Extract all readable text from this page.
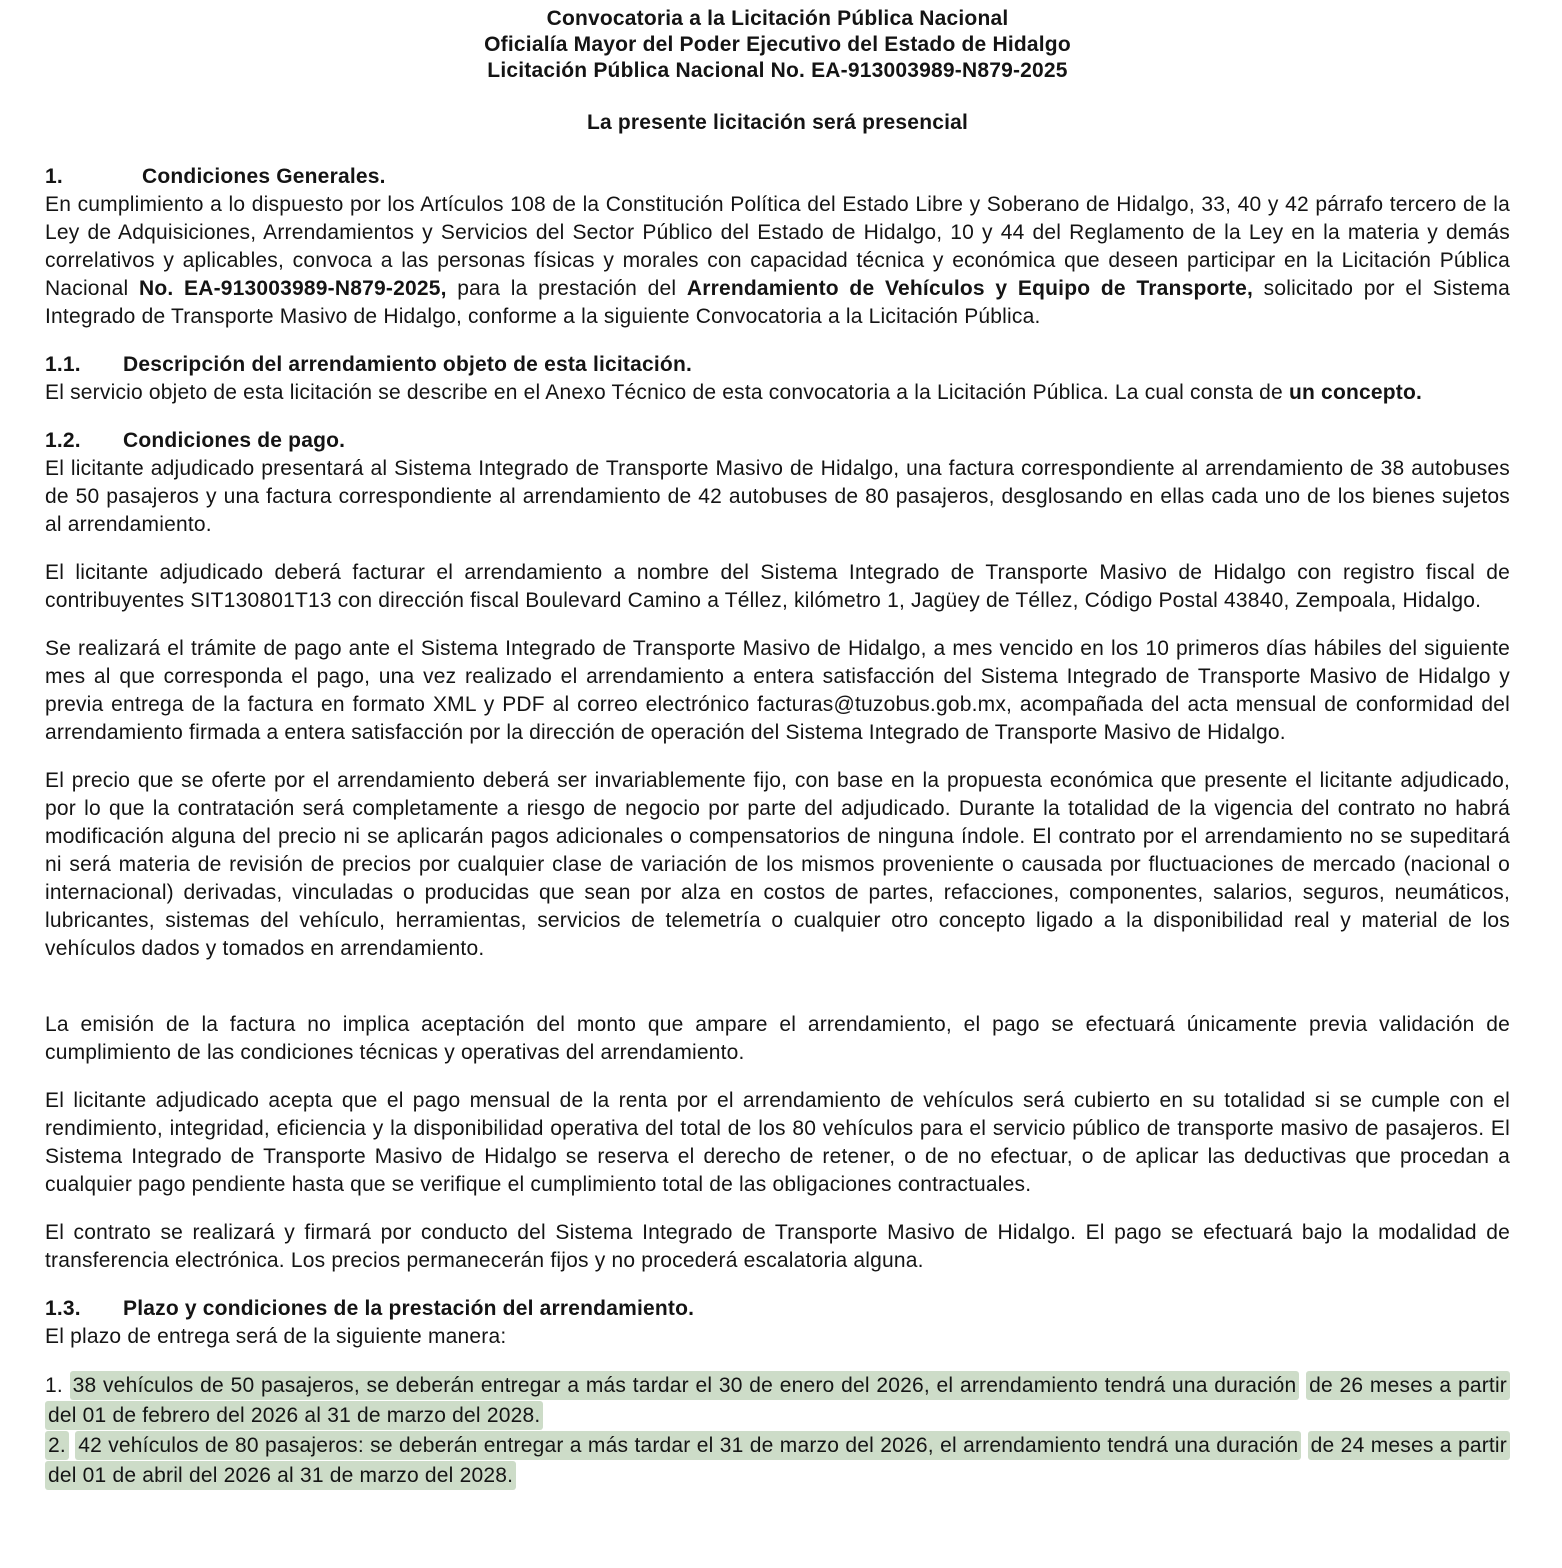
Convocatoria a la Licitación Pública Nacional
Oficialía Mayor del Poder Ejecutivo del Estado de Hidalgo
Licitación Pública Nacional No. EA-913003989-N879-2025
La presente licitación será presencial
1.	Condiciones Generales.

En cumplimiento a lo dispuesto por los Artículos 108 de la Constitución Política del Estado Libre y Soberano de Hidalgo, 33, 40 y 42 párrafo tercero de la Ley de Adquisiciones, Arrendamientos y Servicios del Sector Público del Estado de Hidalgo, 10 y 44 del Reglamento de la Ley en la materia y demás correlativos y aplicables, convoca a las personas físicas y morales con capacidad técnica y económica que deseen participar en la Licitación Pública Nacional No. EA-913003989-N879-2025, para la prestación del Arrendamiento de Vehículos y Equipo de Transporte, solicitado por el Sistema Integrado de Transporte Masivo de Hidalgo, conforme a la siguiente Convocatoria a la Licitación Pública.

1.1.	Descripción del arrendamiento objeto de esta licitación.

El servicio objeto de esta licitación se describe en el Anexo Técnico de esta convocatoria a la Licitación Pública. La cual consta de un concepto.

1.2.	Condiciones de pago.

El licitante adjudicado presentará al Sistema Integrado de Transporte Masivo de Hidalgo, una factura correspondiente al arrendamiento de 38 autobuses de 50 pasajeros y una factura correspondiente al arrendamiento de 42 autobuses de 80 pasajeros, desglosando en ellas cada uno de los bienes sujetos al arrendamiento.

El licitante adjudicado deberá facturar el arrendamiento a nombre del Sistema Integrado de Transporte Masivo de Hidalgo con registro fiscal de contribuyentes SIT130801T13 con dirección fiscal Boulevard Camino a Téllez, kilómetro 1, Jagüey de Téllez, Código Postal 43840, Zempoala, Hidalgo.

Se realizará el trámite de pago ante el Sistema Integrado de Transporte Masivo de Hidalgo, a mes vencido en los 10 primeros días hábiles del siguiente mes al que corresponda el pago, una vez realizado el arrendamiento a entera satisfacción del Sistema Integrado de Transporte Masivo de Hidalgo y previa entrega de la factura en formato XML y PDF al correo electrónico facturas@tuzobus.gob.mx, acompañada del acta mensual de conformidad del arrendamiento firmada a entera satisfacción por la dirección de operación del Sistema Integrado de Transporte Masivo de Hidalgo.

El precio que se oferte por el arrendamiento deberá ser invariablemente fijo, con base en la propuesta económica que presente el licitante adjudicado, por lo que la contratación será completamente a riesgo de negocio por parte del adjudicado. Durante la totalidad de la vigencia del contrato no habrá modificación alguna del precio ni se aplicarán pagos adicionales o compensatorios de ninguna índole. El contrato por el arrendamiento no se supeditará ni será materia de revisión de precios por cualquier clase de variación de los mismos proveniente o causada por fluctuaciones de mercado (nacional o internacional) derivadas, vinculadas o producidas que sean por alza en costos de partes, refacciones, componentes, salarios, seguros, neumáticos, lubricantes, sistemas del vehículo, herramientas, servicios de telemetría o cualquier otro concepto ligado a la disponibilidad real y material de los vehículos dados y tomados en arrendamiento.

La emisión de la factura no implica aceptación del monto que ampare el arrendamiento, el pago se efectuará únicamente previa validación de cumplimiento de las condiciones técnicas y operativas del arrendamiento.

El licitante adjudicado acepta que el pago mensual de la renta por el arrendamiento de vehículos será cubierto en su totalidad si se cumple con el rendimiento, integridad, eficiencia y la disponibilidad operativa del total de los 80 vehículos para el servicio público de transporte masivo de pasajeros. El Sistema Integrado de Transporte Masivo de Hidalgo se reserva el derecho de retener, o de no efectuar, o de aplicar las deductivas que procedan a cualquier pago pendiente hasta que se verifique el cumplimiento total de las obligaciones contractuales.

El contrato se realizará y firmará por conducto del Sistema Integrado de Transporte Masivo de Hidalgo. El pago se efectuará bajo la modalidad de transferencia electrónica. Los precios permanecerán fijos y no procederá escalatoria alguna.

1.3.	Plazo y condiciones de la prestación del arrendamiento.

El plazo de entrega será de la siguiente manera:

1. 38 vehículos de 50 pasajeros, se deberán entregar a más tardar el 30 de enero del 2026, el arrendamiento tendrá una duración de 26 meses a partir del 01 de febrero del 2026 al 31 de marzo del 2028.

2. 42 vehículos de 80 pasajeros: se deberán entregar a más tardar el 31 de marzo del 2026, el arrendamiento tendrá una duración de 24 meses a partir del 01 de abril del 2026 al 31 de marzo del 2028.
